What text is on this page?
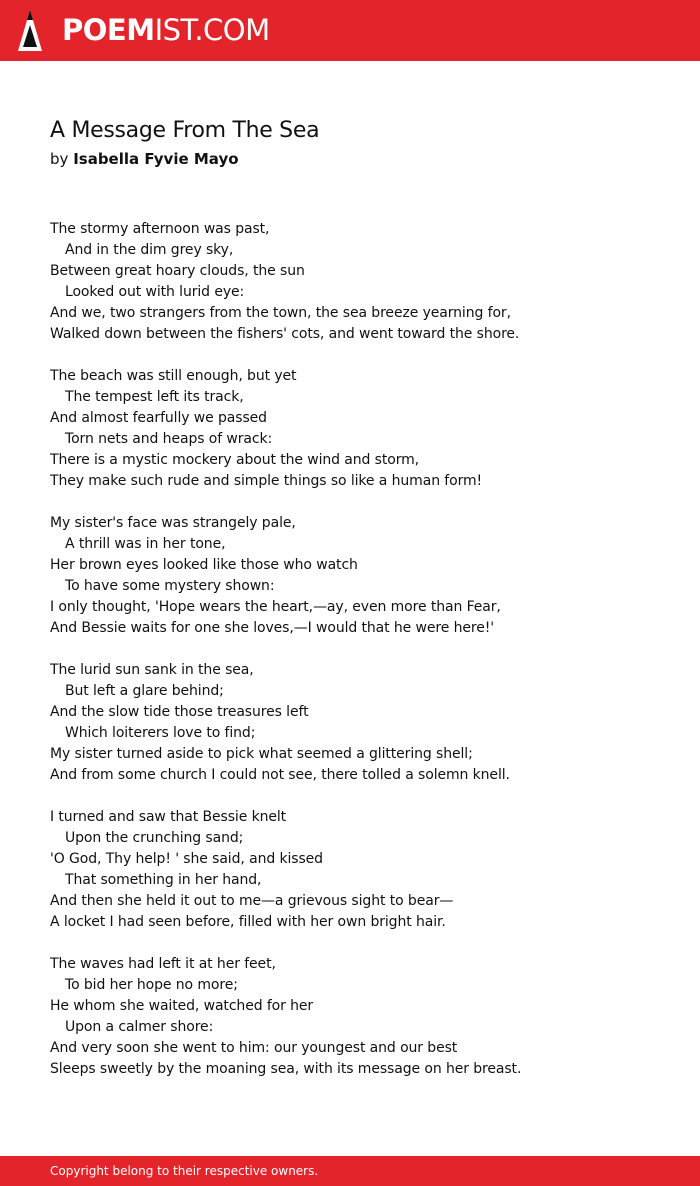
POEMIST.COM
A Message From The Sea
by Isabella Fyvie Mayo
The stormy afternoon was past,
And in the dim grey sky,
Between great hoary clouds, the sun
Looked out with lurid eye:
And we, two strangers from the town, the sea breeze yearning for,
Walked down between the fishers' cots, and went toward the shore.
The beach was still enough, but yet
The tempest left its track,
And almost fearfully we passed
Torn nets and heaps of wrack:
There is a mystic mockery about the wind and storm,
They make such rude and simple things so like a human form!
My sister's face was strangely pale,
A thrill was in her tone,
Her brown eyes looked like those who watch
To have some mystery shown:
I only thought, 'Hope wears the heart,—ay, even more than Fear,
And Bessie waits for one she loves,—I would that he were here!'
The lurid sun sank in the sea,
But left a glare behind;
And the slow tide those treasures left
Which loiterers love to find;
My sister turned aside to pick what seemed a glittering shell;
And from some church I could not see, there tolled a solemn knell.
I turned and saw that Bessie knelt
Upon the crunching sand;
'O God, Thy help! ' she said, and kissed
That something in her hand,
And then she held it out to me—a grievous sight to bear—
A locket I had seen before, filled with her own bright hair.
The waves had left it at her feet,
To bid her hope no more;
He whom she waited, watched for her
Upon a calmer shore:
And very soon she went to him: our youngest and our best
Sleeps sweetly by the moaning sea, with its message on her breast.
Copyright belong to their respective owners.
